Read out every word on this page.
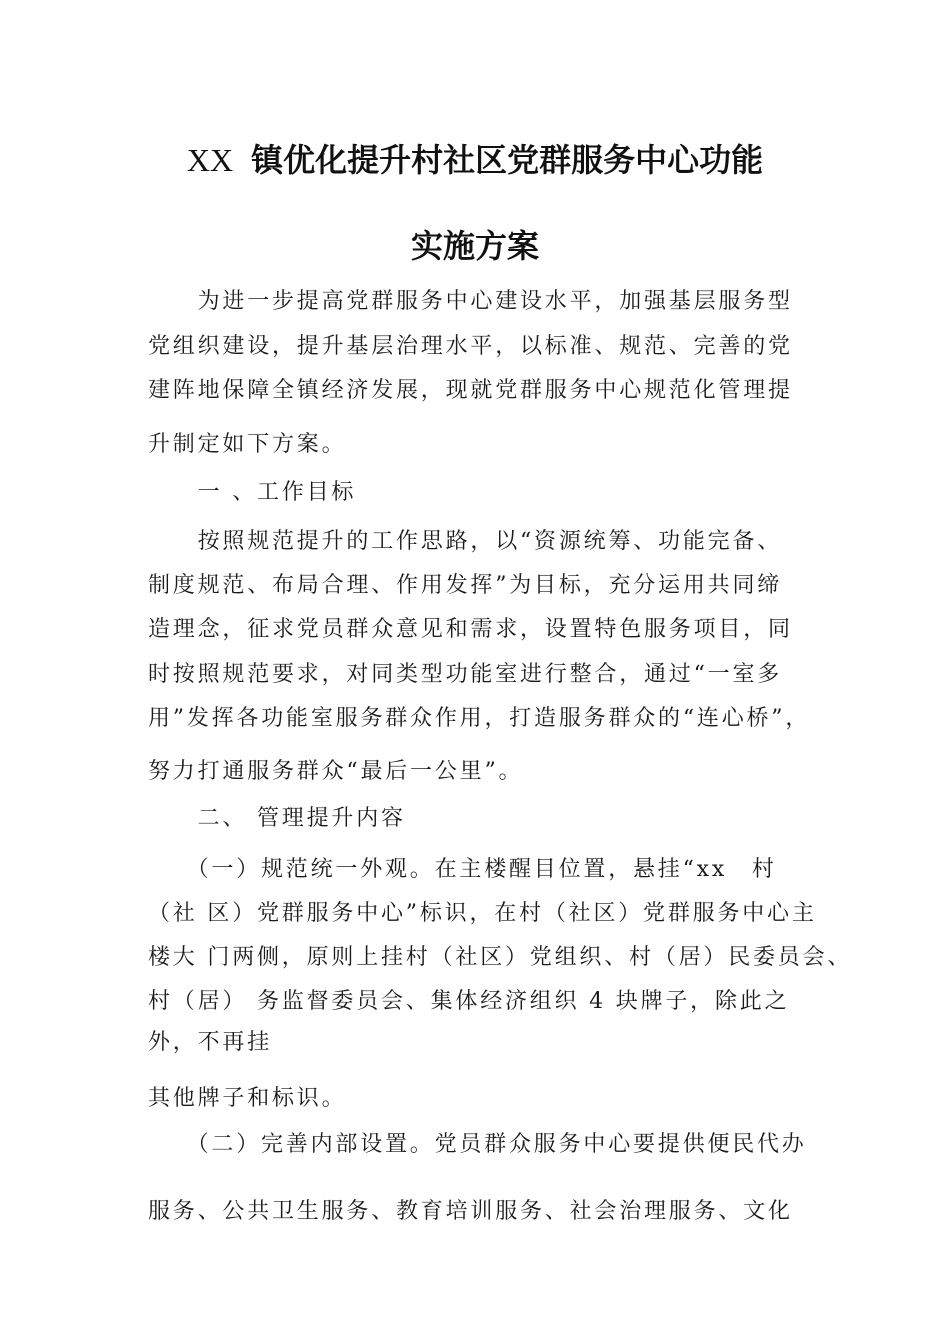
XX 镇优化提升村社区党群服务中心功能
实施方案
　　为进一步提高党群服务中心建设水平，加强基层服务型
党组织建设，提升基层治理水平，以标准、规范、完善的党
建阵地保障全镇经济发展，现就党群服务中心规范化管理提
升制定如下方案。
　　一 、工作目标
　　按照规范提升的工作思路，以“资源统筹、功能完备、
制度规范、布局合理、作用发挥”为目标，充分运用共同缔
造理念，征求党员群众意见和需求，设置特色服务项目，同
时按照规范要求，对同类型功能室进行整合，通过“一室多
用”发挥各功能室服务群众作用，打造服务群众的“连心桥”，
努力打通服务群众“最后一公里”。
　　二、 管理提升内容
　　（一）规范统一外观。在主楼醒目位置，悬挂“xx　村
（社 区）党群服务中心”标识，在村（社区）党群服务中心主
楼大 门两侧，原则上挂村（社区）党组织、村（居）民委员会、
村（居） 务监督委员会、集体经济组织 4 块牌子，除此之
外，不再挂
其他牌子和标识。
　　（二）完善内部设置。党员群众服务中心要提供便民代办
服务、公共卫生服务、教育培训服务、社会治理服务、文化
